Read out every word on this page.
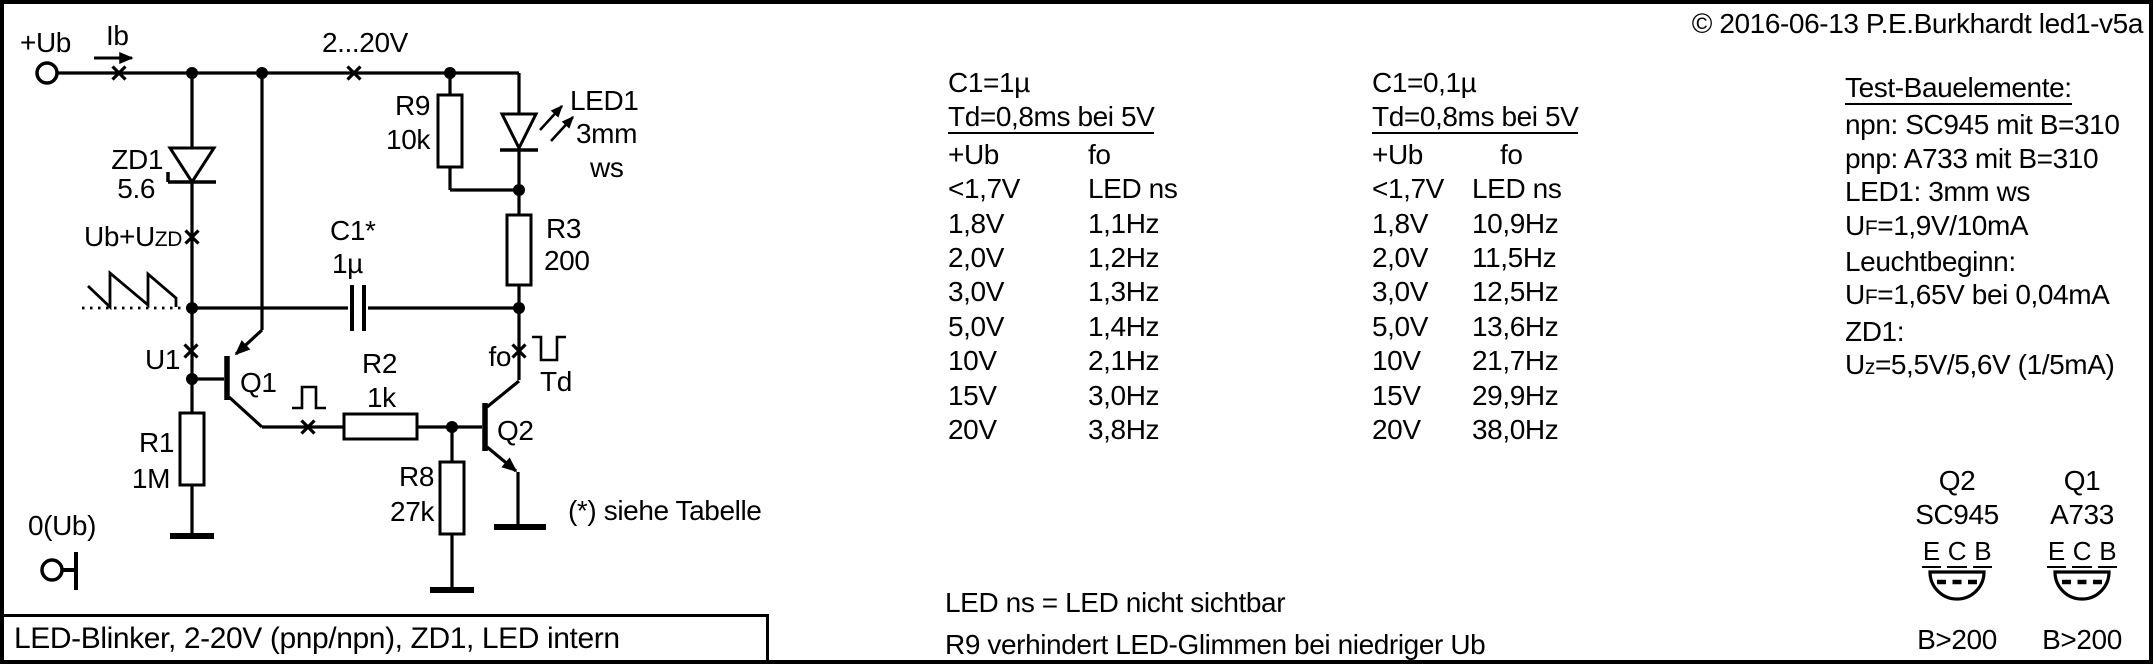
+Ub Ib	2...20V
ZD1
5.6
Ub+UZD
U1
Q1
R1
1M
0(Ub)
C1*
1µ
R2
1k
R8
27k
Q2
fo
Td
R9
10k
LED1
3mm
ws
R3
200
(*) siehe Tabelle
C1=1µ
Td=0,8ms bei 5V
+Ub	fo
<1,7V LED ns
1,8V	1,1Hz
2,0V	1,2Hz
3,0V	1,3Hz
5,0V	1,4Hz
10V	2,1Hz
15V	3,0Hz
20V	3,8Hz
C1=0,1µ
Td=0,8ms bei 5V
+Ub	fo
<1,7V LED ns
1,8V 10,9Hz
2,0V 11,5Hz
3,0V 12,5Hz
5,0V 13,6Hz
10V 21,7Hz
15V 29,9Hz
20V 38,0Hz
Test-Bauelemente:
npn: SC945 mit B=310
pnp: A733 mit B=310
LED1: 3mm ws
UF=1,9V/10mA
Leuchtbeginn:
UF=1,65V bei 0,04mA
ZD1:
Uz=5,5V/5,6V (1/5mA)
LED ns = LED nicht sichtbar
R9 verhindert LED-Glimmen bei niedriger Ub
Q2
SC945
E C B
B>200
Q1
A733
E C B
B>200
© 2016-06-13 P.E.Burkhardt led1-v5a
LED-Blinker, 2-20V (pnp/npn), ZD1, LED intern
